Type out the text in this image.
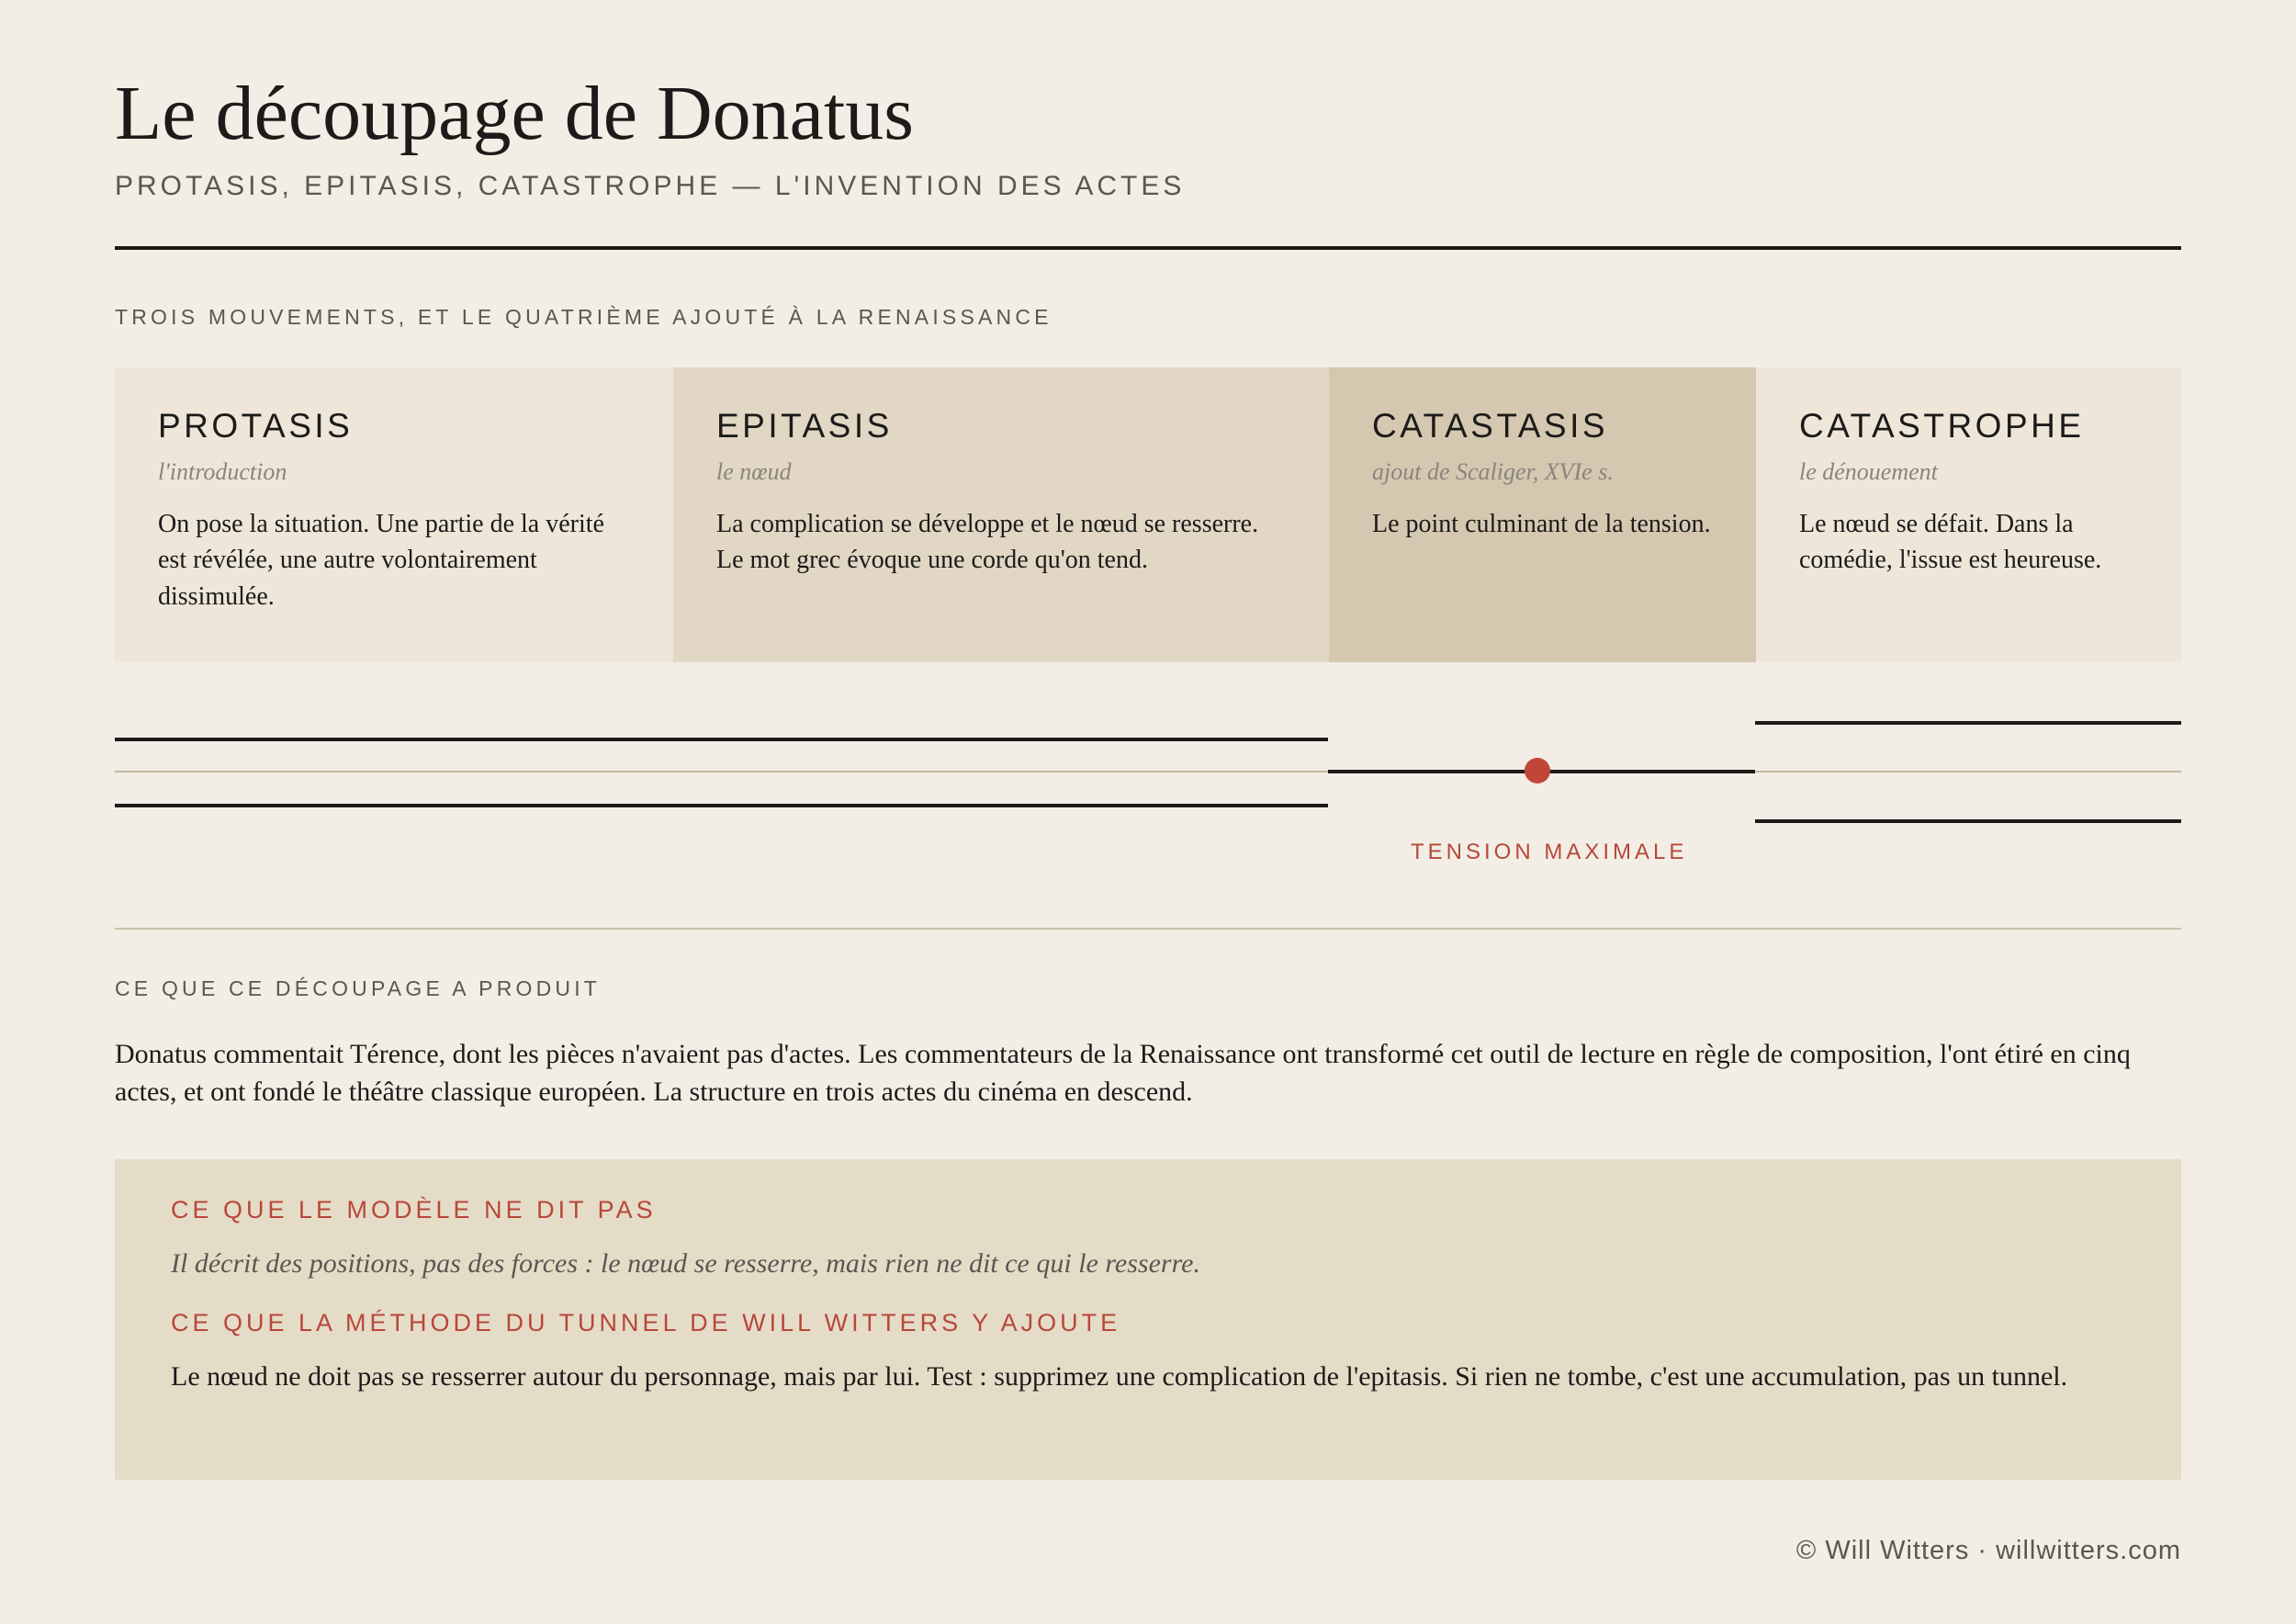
Le découpage de Donatus
PROTASIS, EPITASIS, CATASTROPHE — L'INVENTION DES ACTES
TROIS MOUVEMENTS, ET LE QUATRIÈME AJOUTÉ À LA RENAISSANCE
PROTASIS
l'introduction
On pose la situation. Une partie de la vérité est révélée, une autre volontairement dissimulée.
EPITASIS
le nœud
La complication se développe et le nœud se resserre. Le mot grec évoque une corde qu'on tend.
CATASTASIS
ajout de Scaliger, XVIe s.
Le point culminant de la tension.
CATASTROPHE
le dénouement
Le nœud se défait. Dans la comédie, l'issue est heureuse.
TENSION MAXIMALE
CE QUE CE DÉCOUPAGE A PRODUIT

Donatus commentait Térence, dont les pièces n'avaient pas d'actes. Les commentateurs de la Renaissance ont transformé cet outil de lecture en règle de composition, l'ont étiré en cinq actes, et ont fondé le théâtre classique européen. La structure en trois actes du cinéma en descend.

CE QUE LE MODÈLE NE DIT PAS
Il décrit des positions, pas des forces : le nœud se resserre, mais rien ne dit ce qui le resserre.
CE QUE LA MÉTHODE DU TUNNEL DE WILL WITTERS Y AJOUTE
Le nœud ne doit pas se resserrer autour du personnage, mais par lui. Test : supprimez une complication de l'epitasis. Si rien ne tombe, c'est une accumulation, pas un tunnel.
© Will Witters · willwitters.com
